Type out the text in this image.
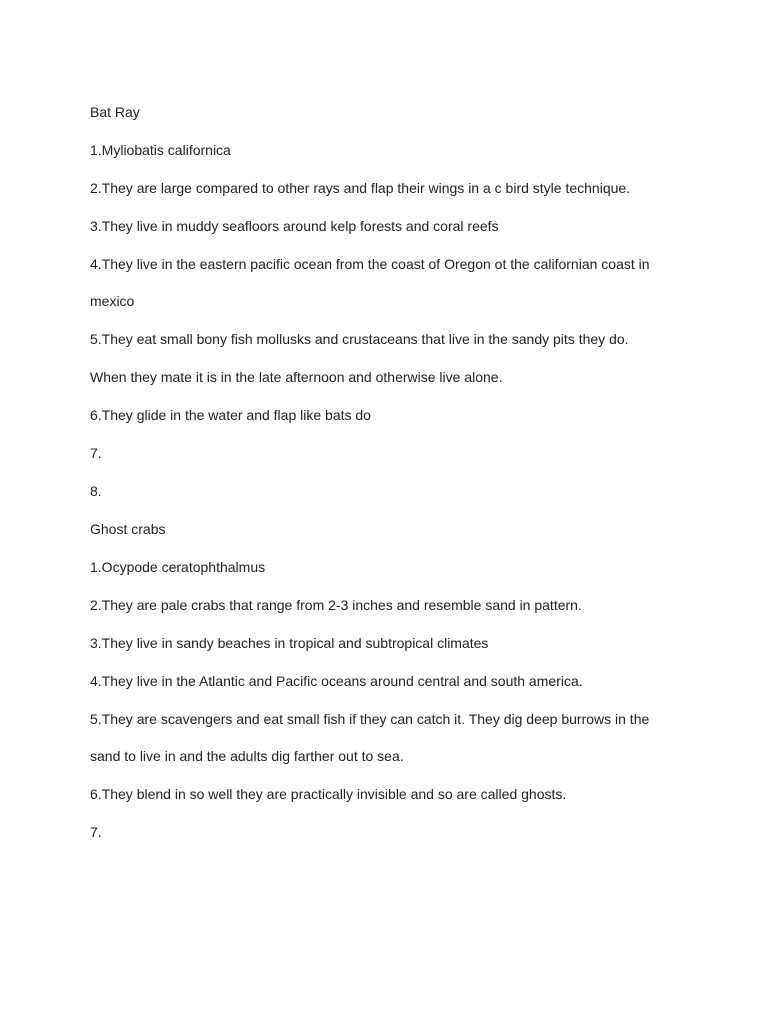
Bat Ray

1.Myliobatis californica

2.They are large compared to other rays and flap their wings in a c bird style technique.

3.They live in muddy seafloors around kelp forests and coral reefs

4.They live in the eastern pacific ocean from the coast of Oregon ot the californian coast in

mexico

5.They eat small bony fish mollusks and crustaceans that live in the sandy pits they do.

When they mate it is in the late afternoon and otherwise live alone.

6.They glide in the water and flap like bats do

7.

8.

Ghost crabs

1.Ocypode ceratophthalmus

2.They are pale crabs that range from 2-3 inches and resemble sand in pattern.

3.They live in sandy beaches in tropical and subtropical climates

4.They live in the Atlantic and Pacific oceans around central and south america.

5.They are scavengers and eat small fish if they can catch it. They dig deep burrows in the

sand to live in and the adults dig farther out to sea.

6.They blend in so well they are practically invisible and so are called ghosts.

7.
